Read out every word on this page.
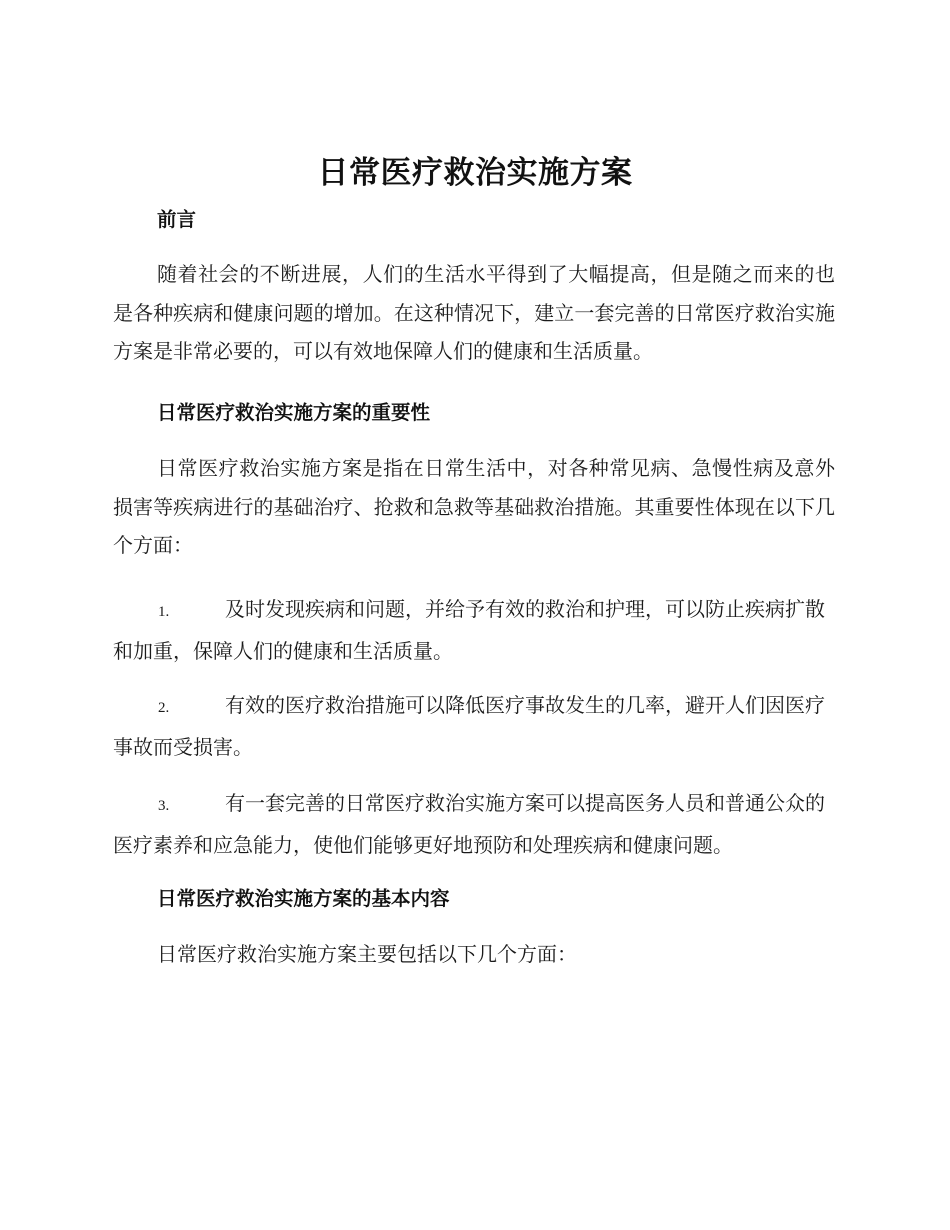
日常医疗救治实施方案
前言
随着社会的不断进展，人们的生活水平得到了大幅提高，但是随之而来的也是各种疾病和健康问题的增加。在这种情况下，建立一套完善的日常医疗救治实施方案是非常必要的，可以有效地保障人们的健康和生活质量。
日常医疗救治实施方案的重要性
日常医疗救治实施方案是指在日常生活中，对各种常见病、急慢性病及意外损害等疾病进行的基础治疗、抢救和急救等基础救治措施。其重要性体现在以下几个方面：
1.	及时发现疾病和问题，并给予有效的救治和护理，可以防止疾病扩散和加重，保障人们的健康和生活质量。
2.	有效的医疗救治措施可以降低医疗事故发生的几率，避开人们因医疗事故而受损害。
3.	有一套完善的日常医疗救治实施方案可以提高医务人员和普通公众的医疗素养和应急能力，使他们能够更好地预防和处理疾病和健康问题。
日常医疗救治实施方案的基本内容
日常医疗救治实施方案主要包括以下几个方面：
